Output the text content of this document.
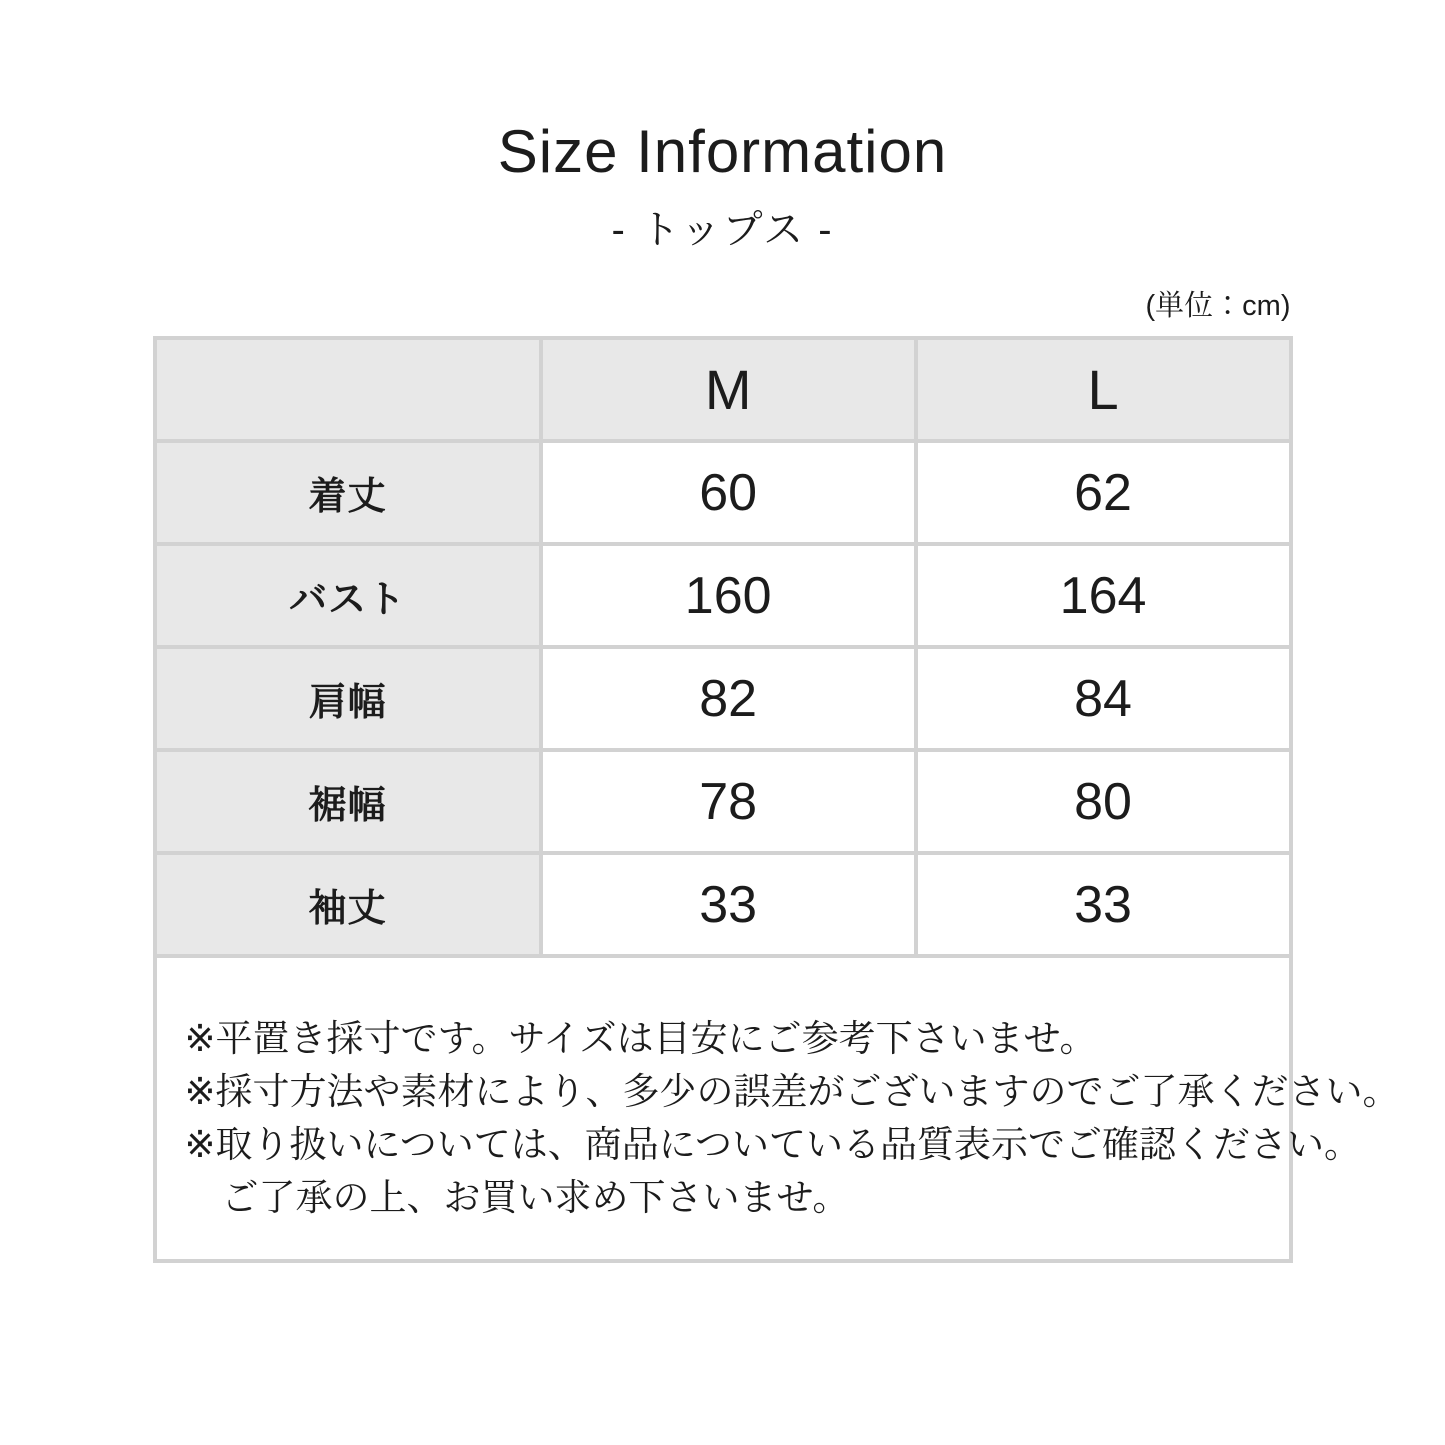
Size Information
- トップス -
(単位：cm)
	M	L
着丈	60	62
バスト	160	164
肩幅	82	84
裾幅	78	80
袖丈	33	33

※平置き採寸です。サイズは目安にご参考下さいませ。
※採寸方法や素材により、多少の誤差がございますのでご了承ください。
※取り扱いについては、商品についている品質表示でご確認ください。
　ご了承の上、お買い求め下さいませ。		
